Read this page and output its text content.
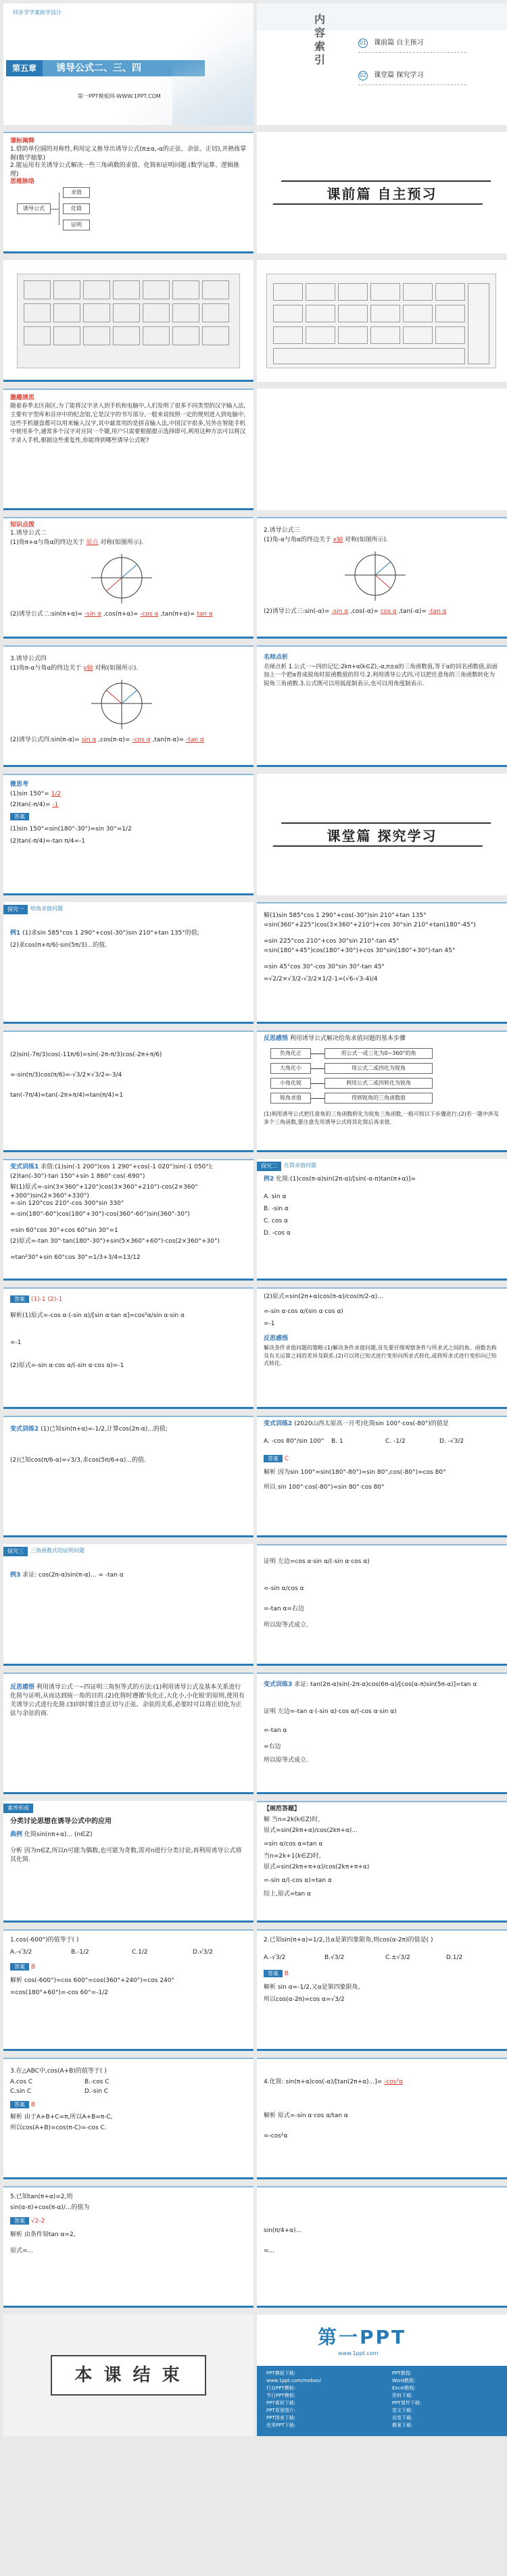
同步学学案助学设计
第五章	诱导公式二、三、四
第一PPT模板网-WWW.1PPT.COM
内
容
索
引
01 课前篇 自主预习
02 课堂篇 探究学习
课标阐释
1.借助单位圆的对称性,利用定义推导出诱导公式(π±α,-α的正弦、余弦、正切),并熟练掌握(数学抽象)
2.能运用有关诱导公式解决一些三角函数的求值、化简和证明问题.(数学运算、逻辑推理)
思维脉络
诱导公式
求值
化简
证明
课前篇 自主预习
激趣诱思
随着春季北区南区,为了能将汉字录入到手机和电脑中,人们发明了很多不同类型的汉字输入法,主要有字型库和音序中的纪念馆,它是汉字的书写部分,一般来说按照一定的规则进入到电脑中,这些手机键盘都可以用来输入汉字,其中最常用的是拼音输入法,中国汉字很多,另外在智能手机中使用多个,通常多个汉字对应同一个键,用户只需要根据提示选择即可,利用这种方法可以将汉字录入手机,根据这些重复性,你能得到哪些诱导公式呢?
知识点拨
1.诱导公式二
(1)角π+α与角α的终边关于 原点 对称(如图所示).
(2)诱导公式二:sin(π+α)= -sin α ,cos(π+α)= -cos α ,tan(π+α)= tan α
2.诱导公式三
(1)角-α与角α的终边关于 x轴 对称(如图所示).
(2)诱导公式三:sin(-α)= -sin α ,cos(-α)= cos α ,tan(-α)= -tan α
3.诱导公式四
(1)角π-α与角α的终边关于 y轴 对称(如图所示).
(2)诱导公式四:sin(π-α)= sin α ,cos(π-α)= -cos α ,tan(π-α)= -tan α
名师点析
名师点析 1.公式一~四的记忆:2kπ+α(k∈Z),-α,π±α的三角函数值,等于α的同名函数值,前面加上一个把α看成锐角时原函数值的符号.2.利用诱导公式四,可以把任意角的三角函数转化为锐角三角函数.3.公式既可以用弧度制表示,也可以用角度制表示.
微思考
(1)sin 150°= 1/2
(2)tan(-π/4)= -1
答案
(1)sin 150°=sin(180°-30°)=sin 30°=1/2
(2)tan(-π/4)=-tan π/4=-1	课堂篇 探究学习
探究一	给角求值问题
例1 (1)求sin 585°cos 1 290°+cos(-30°)sin 210°+tan 135°的值;
(2)求cos(π+π/6)·sin(5π/3)...的值.
解(1)sin 585°cos 1 290°+cos(-30°)sin 210°+tan 135°
=sin(360°+225°)cos(3×360°+210°)+cos 30°sin 210°+tan(180°-45°)
=sin 225°cos 210°+cos 30°sin 210°-tan 45°
=sin(180°+45°)cos(180°+30°)+cos 30°sin(180°+30°)-tan 45°
=sin 45°cos 30°-cos 30°sin 30°-tan 45°
=√2/2×√3/2-√3/2×1/2-1=(√6-√3-4)/4
(2)sin(-7π/3)cos(-11π/6)=sin(-2π-π/3)cos(-2π+π/6)
=-sin(π/3)cos(π/6)=-√3/2×√3/2=-3/4
tan(-7π/4)=tan(-2π+π/4)=tan(π/4)=1
反思感悟 利用诱导公式解决给角求值问题的基本步骤
负角化正	用公式一或三化为0~360°的角
大角化小	用公式二或四化为锐角
小角化锐	利用公式二或四转化为锐角
锐角求值	得到锐角的三角函数值
(1)利用诱导公式把任意角的三角函数转化为锐角三角函数,一般可按以下步骤进行;(2)若一题中涉及多个三角函数,要注意先用诱导公式将其化简后再求值.
变式训练1 求值:(1)sin(-1 200°)cos 1 290°+cos(-1 020°)sin(-1 050°);
(2)tan(-30°)·tan 150°+sin 1 860°·cos(-690°)
解(1)原式=-sin(3×360°+120°)cos(3×360°+210°)-cos(2×360°+300°)sin(2×360°+330°)
=-sin 120°cos 210°-cos 300°sin 330°
=-sin(180°-60°)cos(180°+30°)-cos(360°-60°)sin(360°-30°)
=sin 60°cos 30°+cos 60°sin 30°=1
(2)原式=-tan 30°·tan(180°-30°)+sin(5×360°+60°)·cos(2×360°+30°)
=tan²30°+sin 60°cos 30°=1/3+3/4=13/12
探究二	化简求值问题
例2 化简:(1)cos(π-α)sin(2π-α)/[sin(-α-π)tan(π+α)]=
A. sin α
B. -sin α
C. cos α
D. -cos α
答案 (1)-1 (2)-1
解析(1)原式=-cos α·(-sin α)/[sin α·tan α]=cos²α/sin α·sin α
=-1
(2)原式=-sin α·cos α/(-sin α·cos α)=-1
(2)原式=sin(2π+α)cos(π-α)/cos(π/2-α)...
=-sin α·cos α/(sin α·cos α)
=-1
反思感悟
解决条件求值问题的策略:(1)解决条件求值问题,首先要仔细观察条件与所求式之间的角、函数名称及有关运算之间的差异及联系.(2)可以将已知式进行变形向所求式转化,或将所求式进行变形向已知式转化.
变式训练2 (1)已知sin(π+α)=-1/2,计算cos(2π-α)...的值;
(2)已知cos(π/6-α)=√3/3,求cos(5π/6+α)...的值.
变式训练2 (2020山西太原高一月考)化简sin 100°·cos(-80°)的值是
A. -cos 80°/sin 100° B. 1	C. -1/2	D. -√3/2
答案 C
解析 因为sin 100°=sin(180°-80°)=sin 80°,cos(-80°)=cos 80°
所以 sin 100°·cos(-80°)=sin 80°·cos 80°
探究三	三角函数式的证明问题
例3 求证: cos(2π-α)sin(π-α)... = -tan α
证明 左边=cos α·sin α/(-sin α·cos α)
=-sin α/cos α
=-tan α=右边
所以原等式成立.
反思感悟 利用诱导公式一~四证明三角恒等式的方法:(1)利用诱导公式及基本关系进行化简与证明,从而达到统一角的目的.(2)化简时遵循'负化正,大化小,小化锐'的原则,使用有关诱导公式进行化简.(3)同时要注意正切与正弦、余弦的关系,必要时可以将正切化为正弦与余弦的商.
变式训练3 求证: tan(2π-α)sin(-2π-α)cos(6π-α)/[cos(α-π)sin(5π-α)]=tan α
证明 左边=-tan α·(-sin α)·cos α/(-cos α·sin α)
=-tan α
=右边
所以原等式成立.
素养形成
分类讨论思想在诱导公式中的应用
典例 化简sin(nπ+α)... (n∈Z)
分析 因为n∈Z,所以n可能为偶数,也可能为奇数,需对n进行分类讨论,再利用诱导公式将其化简.
【规范答题】
解 当n=2k(k∈Z)时,
原式=sin(2kπ+α)/cos(2kπ+α)...
=sin α/cos α=tan α
当n=2k+1(k∈Z)时,
原式=sin(2kπ+π+α)/cos(2kπ+π+α)
=-sin α/(-cos α)=tan α
综上,原式=tan α
1.cos(-600°)的值等于( )
A.-√3/2	B.-1/2	C.1/2	D.√3/2
答案 B
解析 cos(-600°)=cos 600°=cos(360°+240°)=cos 240°
=cos(180°+60°)=-cos 60°=-1/2
2.已知sin(π+α)=1/2,且α是第四象限角,则cos(α-2π)的值是( )
A.-√3/2	B.√3/2	C.±√3/2	D.1/2
答案 B
解析 sin α=-1/2,又α是第四象限角,
所以cos(α-2π)=cos α=√3/2
3.在△ABC中,cos(A+B)的值等于( )
A.cos C	B.-cos C
C.sin C	D.-sin C
答案 B
解析 由于A+B+C=π,所以A+B=π-C,
所以cos(A+B)=cos(π-C)=-cos C.
4.化简: sin(π+α)cos(-α)/[tan(2π+α)...]= -cos²α
解析 原式=-sin α·cos α/tan α
=-cos²α
5.已知tan(π+α)=2,则
sin(α-π)+cos(π-α)/...的值为
答案 √2-2
解析 由条件知tan α=2,
原式=...
sin(π/4+α)...
=...
本 课 结 束
第一PPT
www.1ppt.com
PPT模板下载:
www.1ppt.com/moban/
行业PPT模板:
节日PPT模板:
PPT素材下载:
PPT背景图片:
PPT图表下载:
优秀PPT下载:
PPT教程:
Word教程:
Excel教程:
资料下载:
PPT课件下载:
范文下载:
试卷下载:
教案下载:
